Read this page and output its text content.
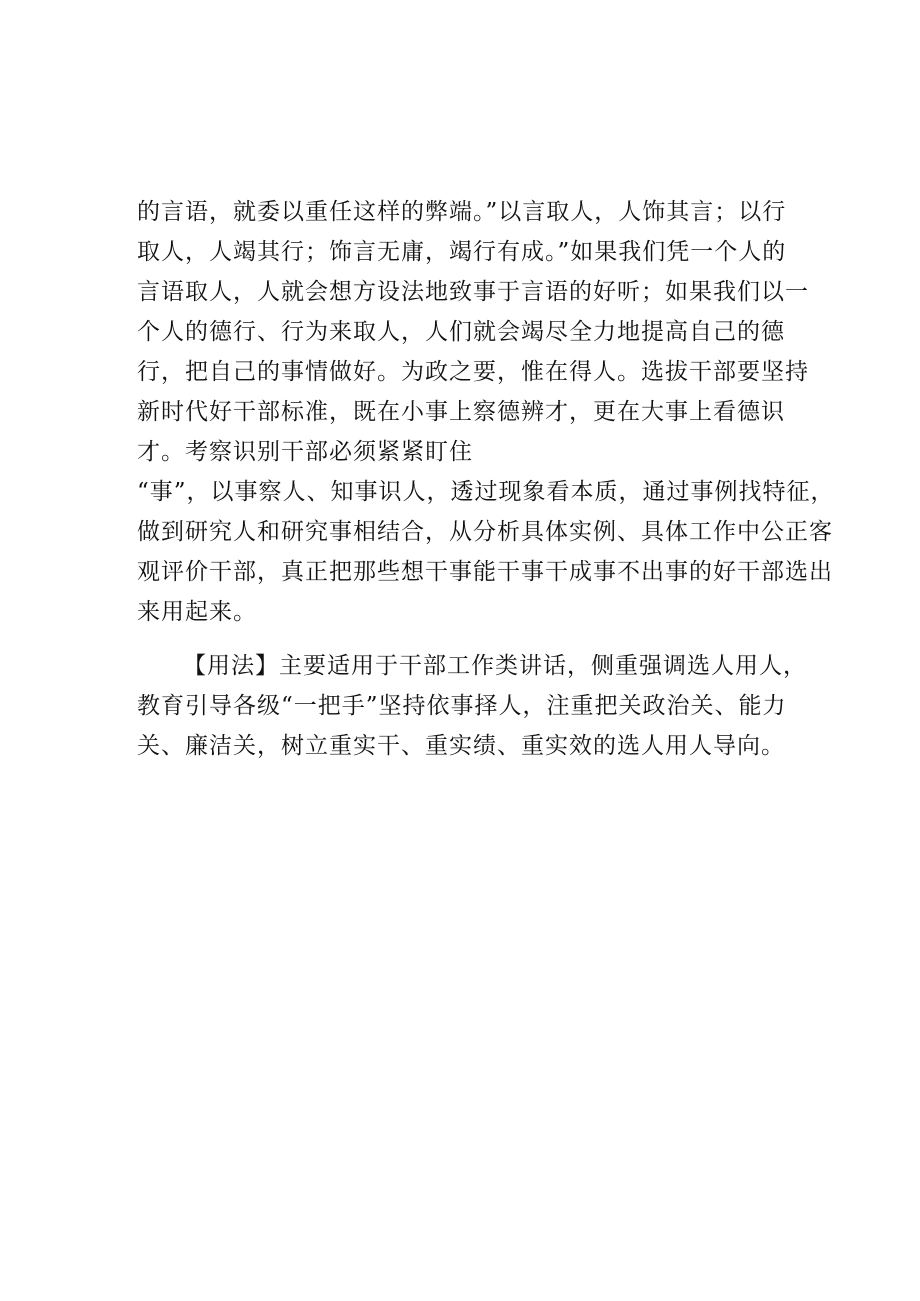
的言语，就委以重任这样的弊端。”以言取人，人饰其言；以行
取人，人竭其行；饰言无庸，竭行有成。”如果我们凭一个人的
言语取人，人就会想方设法地致事于言语的好听；如果我们以一
个人的德行、行为来取人，人们就会竭尽全力地提高自己的德
行，把自己的事情做好。为政之要，惟在得人。选拔干部要坚持
新时代好干部标准，既在小事上察德辨才，更在大事上看德识
才。考察识别干部必须紧紧盯住
“事”，以事察人、知事识人，透过现象看本质，通过事例找特征，
做到研究人和研究事相结合，从分析具体实例、具体工作中公正客
观评价干部，真正把那些想干事能干事干成事不出事的好干部选出
来用起来。
【用法】主要适用于干部工作类讲话，侧重强调选人用人，
教育引导各级“一把手”坚持依事择人，注重把关政治关、能力
关、廉洁关，树立重实干、重实绩、重实效的选人用人导向。
